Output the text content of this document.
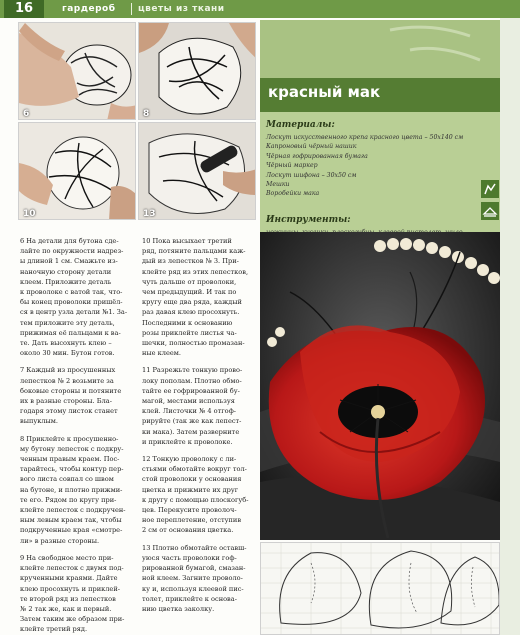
16	гардероб	цветы из ткани
6	8
10	13
красный мак
Материалы:
Лоскут искусственного крепа красного цвета – 50х140 см
Капроновый чёрный нашик
Чёрная гофрированная бумага
Чёрный маркер
Лоскут шифона – 30х50 см
Мешки
Воробейки мака
Инструменты:

6 На детали для бутона сде-
лайте по окружности надрез-
ы длиной 1 см. Смажьте из-
наночную сторону детали
клеем. Приложите деталь
к проволоке с ватой так, что-
бы конец проволоки пришёл-
ся в центр узла детали №1. За-
тем приложите эту деталь,
прижимая её пальцами к ва-
те. Дать высохнуть клею –
около 30 мин. Бутон готов.

7 Каждый из просушенных
лепестков № 2 возьмите за
боковые стороны и потяните
их в разные стороны. Бла-
годаря этому листок станет
выпуклым.

8 Приклейте к просушенно-
му бутону лепесток с подкру-
ченным правым краем. Пос-
тарайтесь, чтобы контур пер-
вого листа совпал со швом
на бутоне, и плотно прижми-
те его. Рядом по кругу при-
клейте лепесток с подкручен-
ным левым краем так, чтобы
подкрученные края «смотре-
ли» в разные стороны.

9 На свободное место при-
клейте лепесток с двумя под-
крученными краями. Дайте
клею просохнуть и приклей-
те второй ряд из лепестков
№ 2 так же, как и первый.
Затем таким же образом при-
клейте третий ряд.

10 Пока высыхает третий
ряд, потяните пальцами каж-
дый из лепестков № 3. При-
клейте ряд из этих лепестков,
чуть дальше от проволоки,
чем предыдущий. И так по
кругу еще два ряда, каждый
раз давая клею просохнуть.
Последними к основанию
розы приклейте листья ча-
шечки, полностью промазан-
ные клеем.

11 Разрежьте тонкую прово-
локу пополам. Плотно обмо-
тайте ее гофрированной бу-
магой, местами используя
клей. Листочки № 4 отгоф-
рируйте (так же как лепест-
ки мака). Затем разверните
и приклейте к проволоке.

12 Тонкую проволоку с ли-
стьями обмотайте вокруг тол-
стой проволоки у основания
цветка и прижмите их друг
к другу с помощью плоскогуб-
цев. Перекусите проволоч-
ное переплетение, отступив
2 см от основания цветка.

13 Плотно обмотайте оставш-
уюся часть проволоки гоф-
рированной бумагой, смазан-
ной клеем. Загните проволо-
ку и, используя клеевой пис-
толет, приклейте к основа-
нию цветка заколку.
